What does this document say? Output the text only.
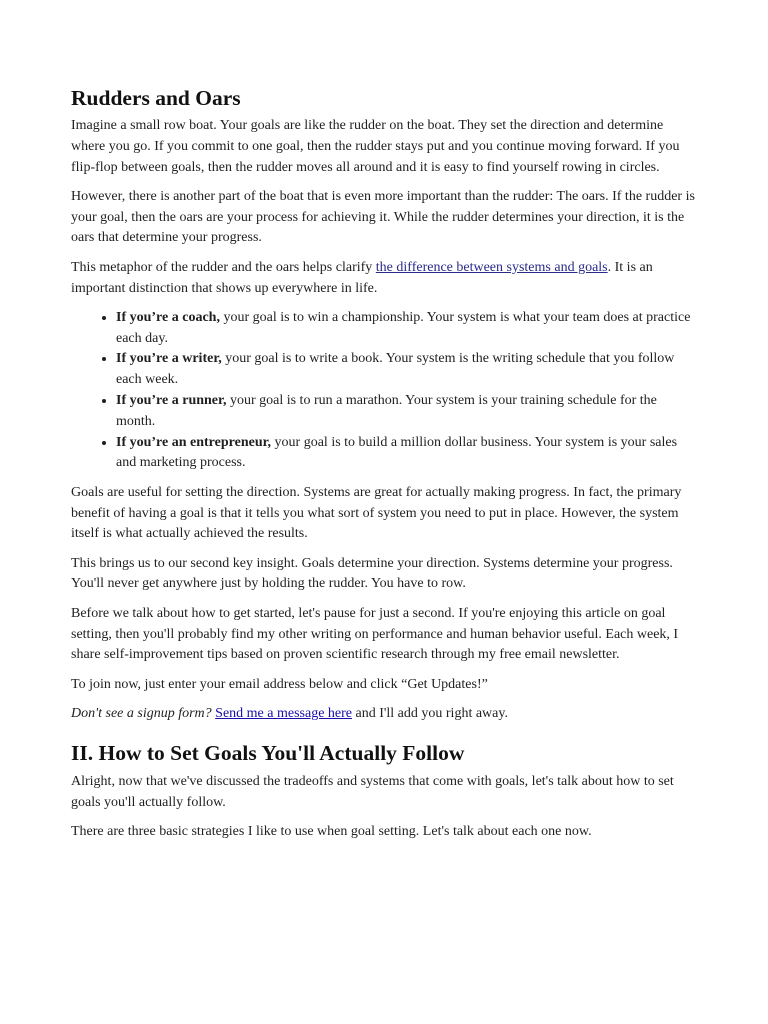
Rudders and Oars

Imagine a small row boat. Your goals are like the rudder on the boat. They set the direction and determine where you go. If you commit to one goal, then the rudder stays put and you continue moving forward. If you flip-flop between goals, then the rudder moves all around and it is easy to find yourself rowing in circles.

However, there is another part of the boat that is even more important than the rudder: The oars. If the rudder is your goal, then the oars are your process for achieving it. While the rudder determines your direction, it is the oars that determine your progress.

This metaphor of the rudder and the oars helps clarify the difference between systems and goals. It is an important distinction that shows up everywhere in life.

• If you’re a coach, your goal is to win a championship. Your system is what your team does at practice each day.
• If you’re a writer, your goal is to write a book. Your system is the writing schedule that you follow each week.
• If you’re a runner, your goal is to run a marathon. Your system is your training schedule for the month.
• If you’re an entrepreneur, your goal is to build a million dollar business. Your system is your sales and marketing process.

Goals are useful for setting the direction. Systems are great for actually making progress. In fact, the primary benefit of having a goal is that it tells you what sort of system you need to put in place. However, the system itself is what actually achieved the results.

This brings us to our second key insight. Goals determine your direction. Systems determine your progress. You'll never get anywhere just by holding the rudder. You have to row.

Before we talk about how to get started, let's pause for just a second. If you're enjoying this article on goal setting, then you'll probably find my other writing on performance and human behavior useful. Each week, I share self-improvement tips based on proven scientific research through my free email newsletter.

To join now, just enter your email address below and click “Get Updates!”

Don't see a signup form? Send me a message here and I'll add you right away.

II. How to Set Goals You'll Actually Follow

Alright, now that we've discussed the tradeoffs and systems that come with goals, let's talk about how to set goals you'll actually follow.

There are three basic strategies I like to use when goal setting. Let's talk about each one now.
